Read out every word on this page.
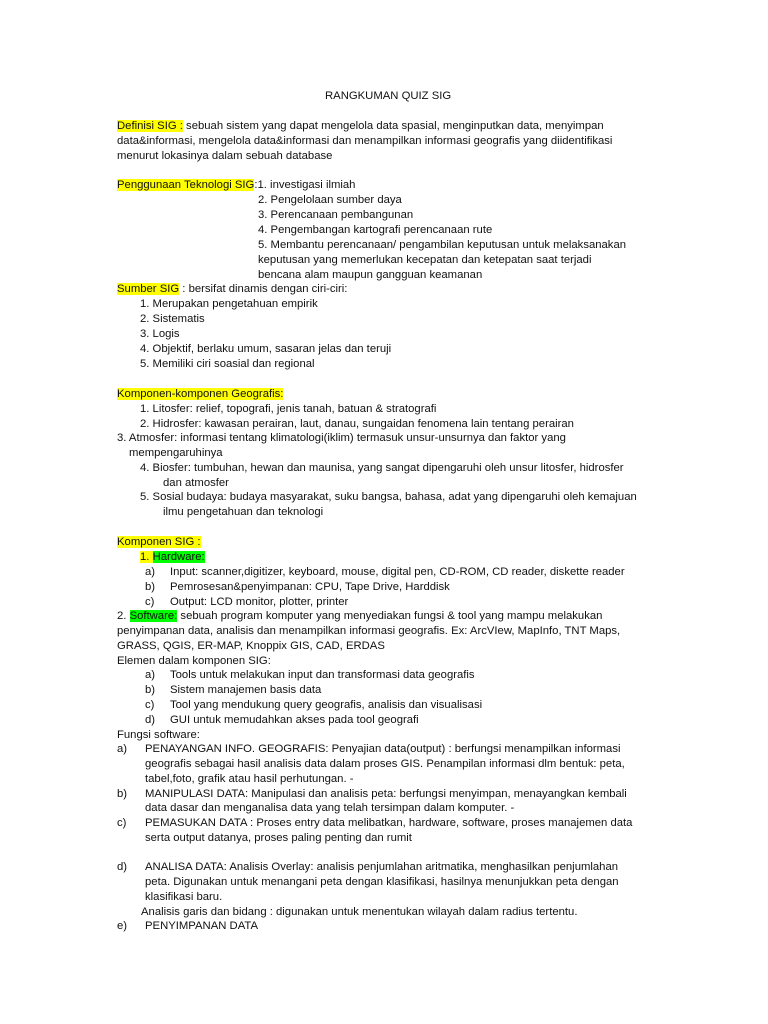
RANGKUMAN QUIZ SIG
Definisi SIG : sebuah sistem yang dapat mengelola data spasial, menginputkan data, menyimpan
data&informasi, mengelola data&informasi dan menampilkan informasi geografis yang diidentifikasi
menurut lokasinya dalam sebuah database
Penggunaan Teknologi SIG:1. investigasi ilmiah
2. Pengelolaan sumber daya
3. Perencanaan pembangunan
4. Pengembangan kartografi perencanaan rute
5. Membantu perencanaan/ pengambilan keputusan untuk melaksanakan
keputusan yang memerlukan kecepatan dan ketepatan saat terjadi
bencana alam maupun gangguan keamanan
Sumber SIG : bersifat dinamis dengan ciri-ciri:
1. Merupakan pengetahuan empirik
2. Sistematis
3. Logis
4. Objektif, berlaku umum, sasaran jelas dan teruji
5. Memiliki ciri soasial dan regional
Komponen-komponen Geografis:
1. Litosfer: relief, topografi, jenis tanah, batuan & stratografi
2. Hidrosfer: kawasan perairan, laut, danau, sungaidan fenomena lain tentang perairan
3. Atmosfer: informasi tentang klimatologi(iklim) termasuk unsur-unsurnya dan faktor yang
mempengaruhinya
4. Biosfer: tumbuhan, hewan dan maunisa, yang sangat dipengaruhi oleh unsur litosfer, hidrosfer
dan atmosfer
5. Sosial budaya: budaya masyarakat, suku bangsa, bahasa, adat yang dipengaruhi oleh kemajuan
ilmu pengetahuan dan teknologi
Komponen SIG :
1. Hardware:
a) Input: scanner,digitizer, keyboard, mouse, digital pen, CD-ROM, CD reader, diskette reader
b) Pemrosesan&penyimpanan: CPU, Tape Drive, Harddisk
c) Output: LCD monitor, plotter, printer
2. Software: sebuah program komputer yang menyediakan fungsi & tool yang mampu melakukan
penyimpanan data, analisis dan menampilkan informasi geografis. Ex: ArcVIew, MapInfo, TNT Maps,
GRASS, QGIS, ER-MAP, Knoppix GIS, CAD, ERDAS
Elemen dalam komponen SIG:
a) Tools untuk melakukan input dan transformasi data geografis
b) Sistem manajemen basis data
c) Tool yang mendukung query geografis, analisis dan visualisasi
d) GUI untuk memudahkan akses pada tool geografi
Fungsi software:
a) PENAYANGAN INFO. GEOGRAFIS: Penyajian data(output) : berfungsi menampilkan informasi
geografis sebagai hasil analisis data dalam proses GIS. Penampilan informasi dlm bentuk: peta,
tabel,foto, grafik atau hasil perhutungan. -
b) MANIPULASI DATA: Manipulasi dan analisis peta: berfungsi menyimpan, menayangkan kembali
data dasar dan menganalisa data yang telah tersimpan dalam komputer. -
c) PEMASUKAN DATA : Proses entry data melibatkan, hardware, software, proses manajemen data
serta output datanya, proses paling penting dan rumit
d) ANALISA DATA: Analisis Overlay: analisis penjumlahan aritmatika, menghasilkan penjumlahan
peta. Digunakan untuk menangani peta dengan klasifikasi, hasilnya menunjukkan peta dengan
klasifikasi baru.
Analisis garis dan bidang : digunakan untuk menentukan wilayah dalam radius tertentu.
e) PENYIMPANAN DATA
